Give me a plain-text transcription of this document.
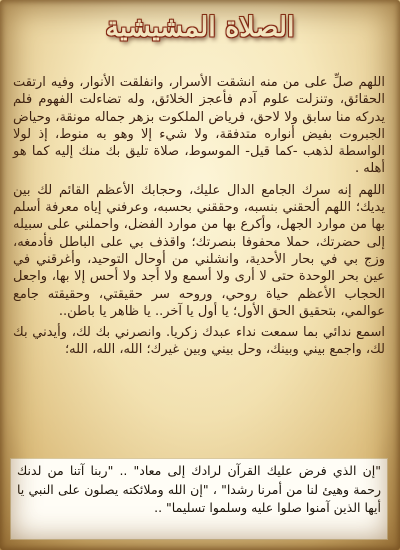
الصلاة المشيشية

اللهم صلِّ على من منه انشقت الأسرار، وانفلقت الأنوار، وفيه ارتقت الحقائق، وتنزلت علوم آدم فأعجز الخلائق، وله تضاءلت الفهوم فلم يدركه منا سابق ولا لاحق، فرياض الملكوت بزهر جماله مونقة، وحياض الجبروت بفيض أنواره متدفقة، ولا شيء إلا وهو به منوط، إذ لولا الواسطة لذهب -كما قيل- الموسوط، صلاة تليق بك منك إليه كما هو أهله .

اللهم إنه سرك الجامع الدال عليك، وحجابك الأعظم القائم لك بين يديك؛ اللهم ألحقني بنسبه، وحققني بحسبه، وعرفني إياه معرفة أسلم بها من موارد الجهل، وأكرع بها من موارد الفضل، واحملني على سبيله إلى حضرتك، حملا محفوفا بنصرتك؛ واقذف بي على الباطل فأدمغه، وزج بي في بحار الأحدية، وانشلني من أوحال التوحيد، وأغرقني في عين بحر الوحدة حتى لا أرى ولا أسمع ولا أجد ولا أحس إلا بها، واجعل الحجاب الأعظم حياة روحي، وروحه سر حقيقتي، وحقيقته جامع عوالمي، بتحقيق الحق الأول؛ يا أول يا آخر.. يا ظاهر يا باطن..

اسمع ندائي بما سمعت نداء عبدك زكريا. وانصرني بك لك، وأيدني بك لك، واجمع بيني وبينك، وحل بيني وبين غيرك؛ الله، الله، الله؛

"إن الذي فرض عليك القرآن لرادك إلى معاد" .. "ربنا آتنا من لدنك رحمة وهيئ لنا من أمرنا رشدا" ، "إن الله وملائكته يصلون على النبي يا أيها الذين آمنوا صلوا عليه وسلموا تسليما" ..
